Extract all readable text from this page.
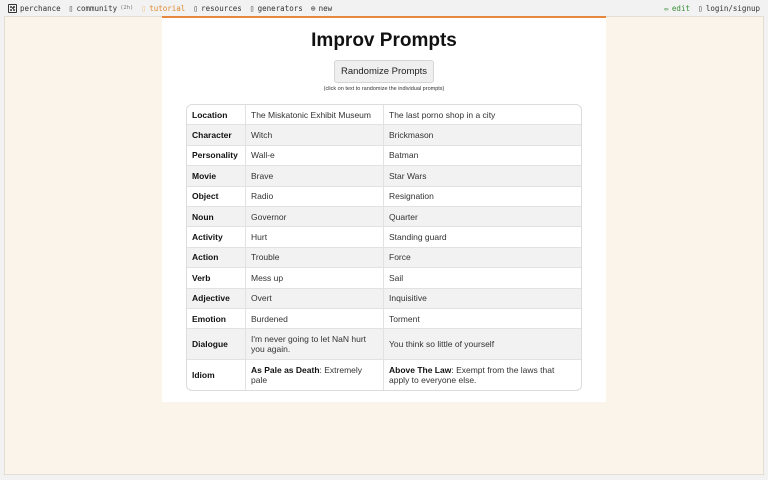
perchance ▯ community (2h) ▯ tutorial ▯ resources ▯ generators ⊕ new	✏ edit ▯ login/signup
Improv Prompts
Randomize Prompts
(click on text to randomize the individual prompts)
Location	The Miskatonic Exhibit Museum	The last porno shop in a city
Character	Witch	Brickmason
Personality	Wall-e	Batman
Movie	Brave	Star Wars
Object	Radio	Resignation
Noun	Governor	Quarter
Activity	Hurt	Standing guard
Action	Trouble	Force
Verb	Mess up	Sail
Adjective	Overt	Inquisitive
Emotion	Burdened	Torment
Dialogue	I'm never going to let NaN hurt you again.	You think so little of yourself
Idiom	As Pale as Death: Extremely pale	Above The Law: Exempt from the laws that apply to everyone else.
